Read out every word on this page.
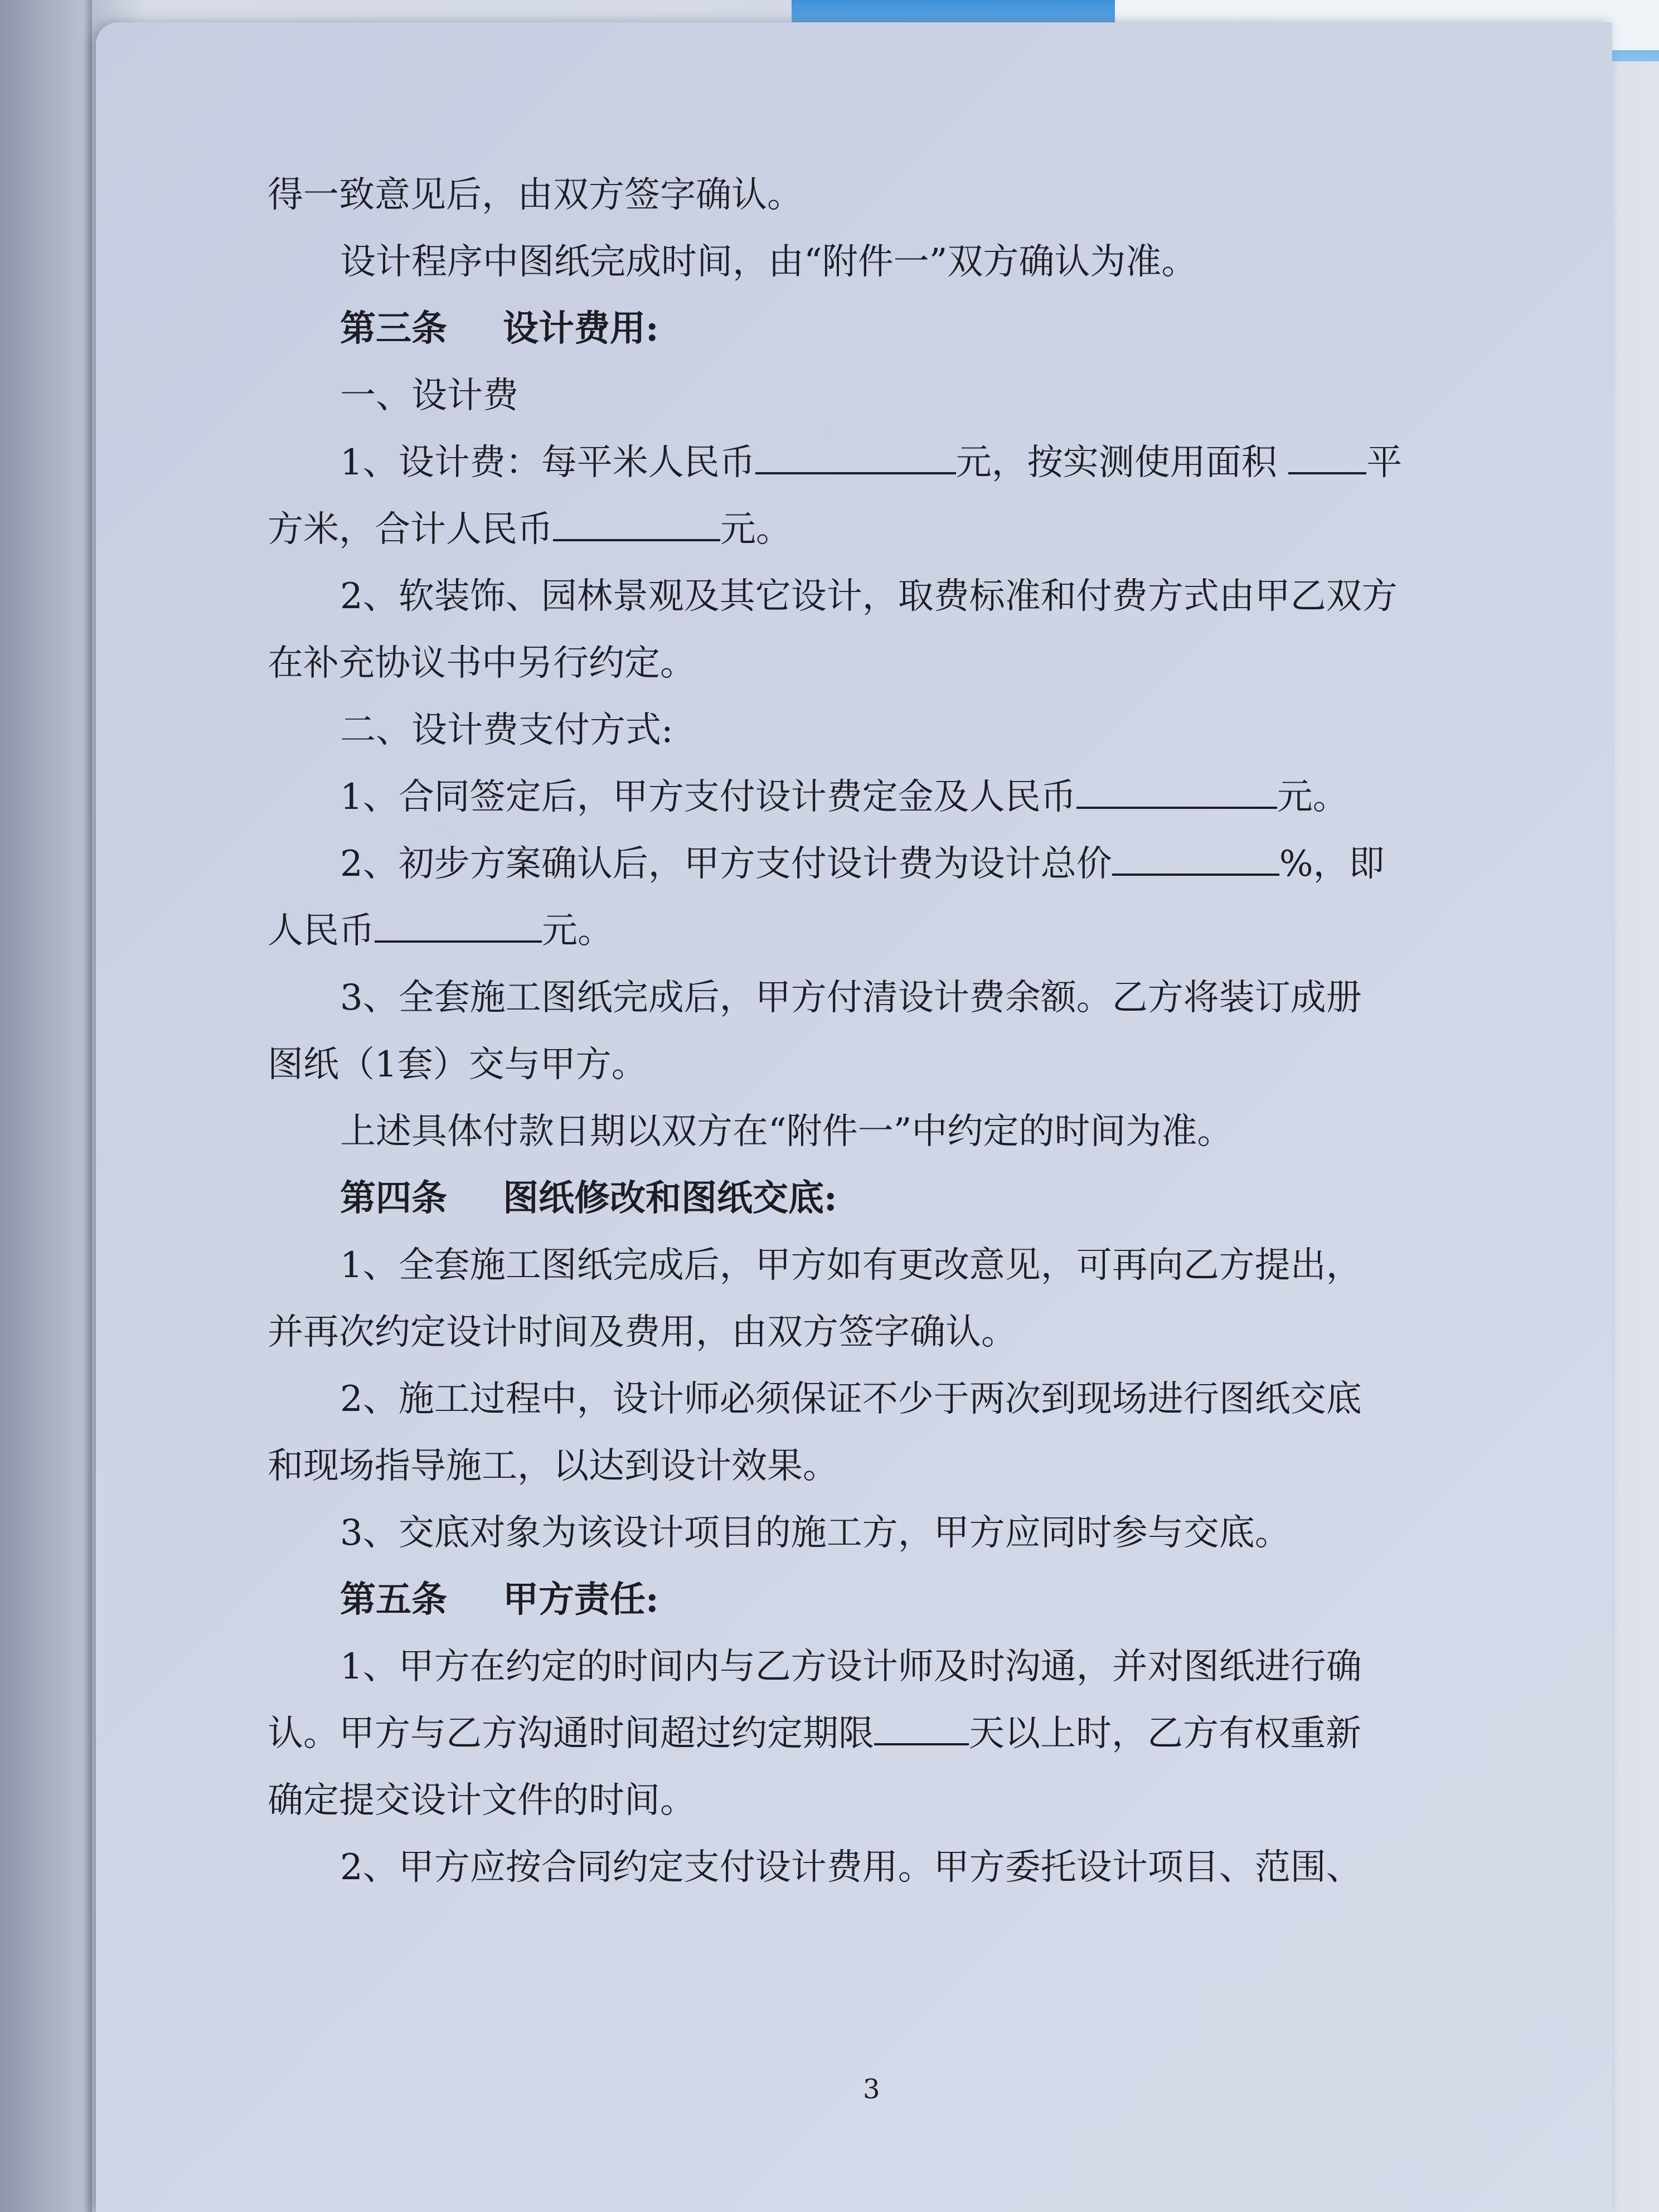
得一致意见后，由双方签字确认。
设计程序中图纸完成时间，由“附件一”双方确认为准。
第三条 设计费用:
一、设计费
1、设计费：每平米人民币	元，按实测使用面积	平
方米，合计人民币	元。
2、软装饰、园林景观及其它设计，取费标准和付费方式由甲乙双方
在补充协议书中另行约定。
二、设计费支付方式:
1、合同签定后，甲方支付设计费定金及人民币	元。
2、初步方案确认后，甲方支付设计费为设计总价	%，即
人民币	元。
3、全套施工图纸完成后，甲方付清设计费余额。乙方将装订成册
图纸（1套）交与甲方。
上述具体付款日期以双方在“附件一”中约定的时间为准。
第四条 图纸修改和图纸交底:
1、全套施工图纸完成后，甲方如有更改意见，可再向乙方提出，
并再次约定设计时间及费用，由双方签字确认。
2、施工过程中，设计师必须保证不少于两次到现场进行图纸交底
和现场指导施工，以达到设计效果。
3、交底对象为该设计项目的施工方，甲方应同时参与交底。
第五条 甲方责任:
1、甲方在约定的时间内与乙方设计师及时沟通，并对图纸进行确
认。甲方与乙方沟通时间超过约定期限	天以上时，乙方有权重新
确定提交设计文件的时间。
2、甲方应按合同约定支付设计费用。甲方委托设计项目、范围、
3
